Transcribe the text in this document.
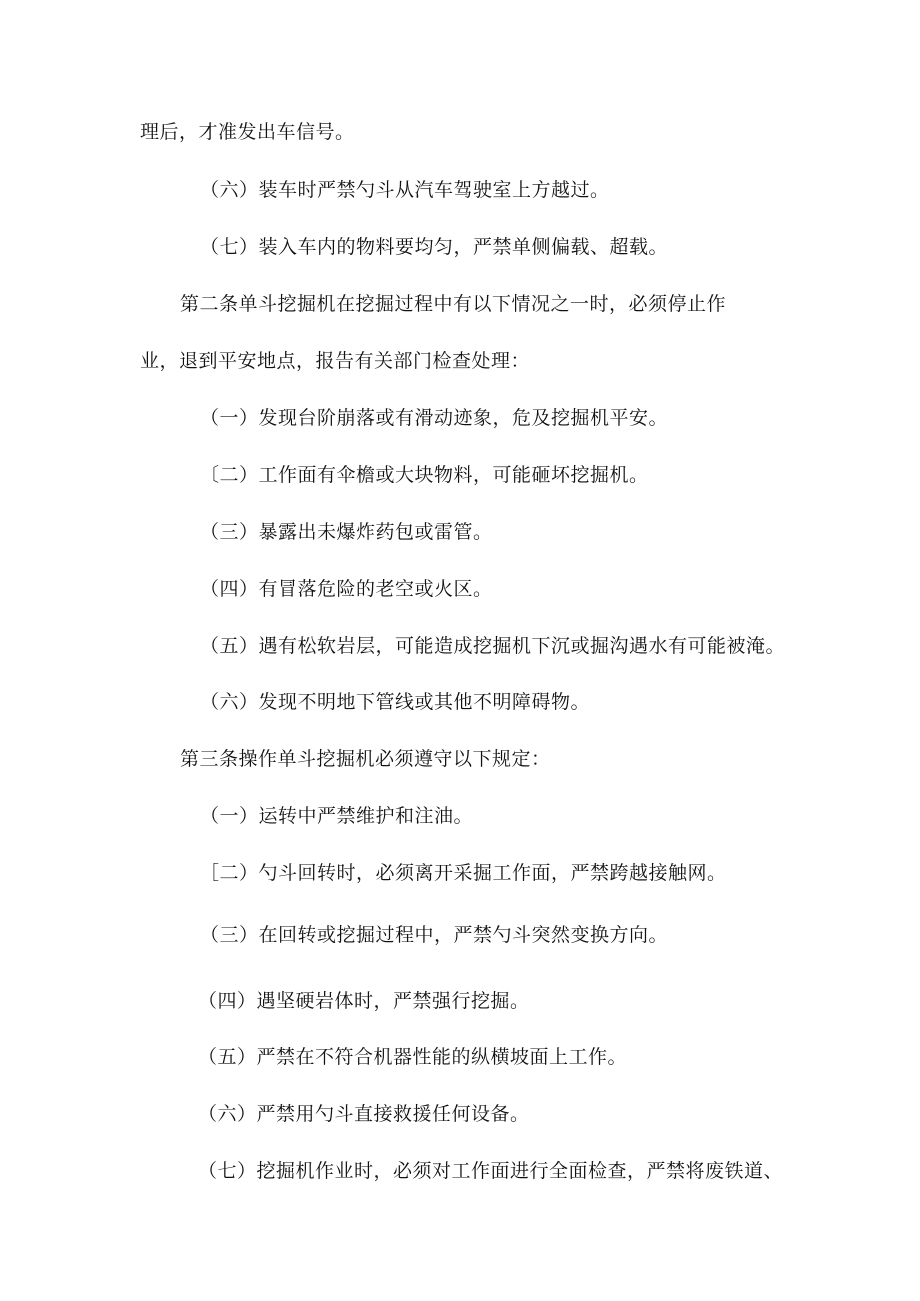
理后，才准发出车信号。
（六）装车时严禁勺斗从汽车驾驶室上方越过。
（七）装入车内的物料要均匀，严禁单侧偏载、超载。
第二条单斗挖掘机在挖掘过程中有以下情况之一时，必须停止作
业，退到平安地点，报告有关部门检查处理：
（一）发现台阶崩落或有滑动迹象，危及挖掘机平安。
〔二）工作面有伞檐或大块物料，可能砸坏挖掘机。
（三）暴露出未爆炸药包或雷管。
（四）有冒落危险的老空或火区。
（五）遇有松软岩层，可能造成挖掘机下沉或掘沟遇水有可能被淹。
（六）发现不明地下管线或其他不明障碍物。
第三条操作单斗挖掘机必须遵守以下规定：
（一）运转中严禁维护和注油。
［二）勺斗回转时，必须离开采掘工作面，严禁跨越接触网。
（三）在回转或挖掘过程中，严禁勺斗突然变换方向。
（四）遇坚硬岩体时，严禁强行挖掘。
（五）严禁在不符合机器性能的纵横坡面上工作。
（六）严禁用勺斗直接救援任何设备。
（七）挖掘机作业时，必须对工作面进行全面检查，严禁将废铁道、
